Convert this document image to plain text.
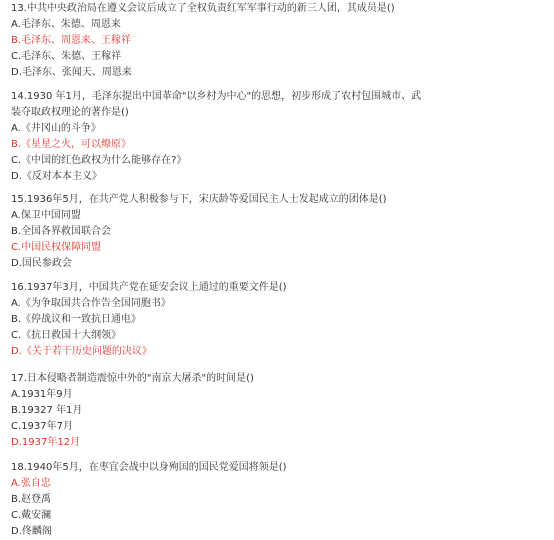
13.中共中央政治局在遵义会议后成立了全权负责红军军事行动的新三人团，其成员是()
A.毛泽东、朱德、周恩来
B.毛泽东、周恩来、王稼祥
C.毛泽东、朱德、王稼祥
D.毛泽东、张闻天、周恩来
14.1930 年1月，毛泽东提出中国革命"以乡村为中心"的思想，初步形成了农村包围城市、武
装夺取政权理论的著作是()
A.《井冈山的斗争》
B.《星星之火，可以燎原》
C.《中国的红色政权为什么能够存在?》
D.《反对本本主义》
15.1936年5月，在共产党人积极参与下，宋庆龄等爱国民主人士发起成立的团体是()
A.保卫中国同盟
B.全国各界救国联合会
C.中国民权保障同盟
D.国民参政会
16.1937年3月，中国共产党在延安会议上通过的重要文件是()
A.《为争取国共合作告全国同胞书》
B.《停战议和一致抗日通电》
C.《抗日救国十大纲领》
D.《关于若干历史问题的决议》
17.日本侵略者制造震惊中外的"南京大屠杀"的时间是()
A.1931年9月
B.19327 年1月
C.1937年7月
D.1937年12月
18.1940年5月，在枣宜会战中以身殉国的国民党爱国将领是()
A.张自忠
B.赵登禹
C.戴安澜
D.佟麟阁
